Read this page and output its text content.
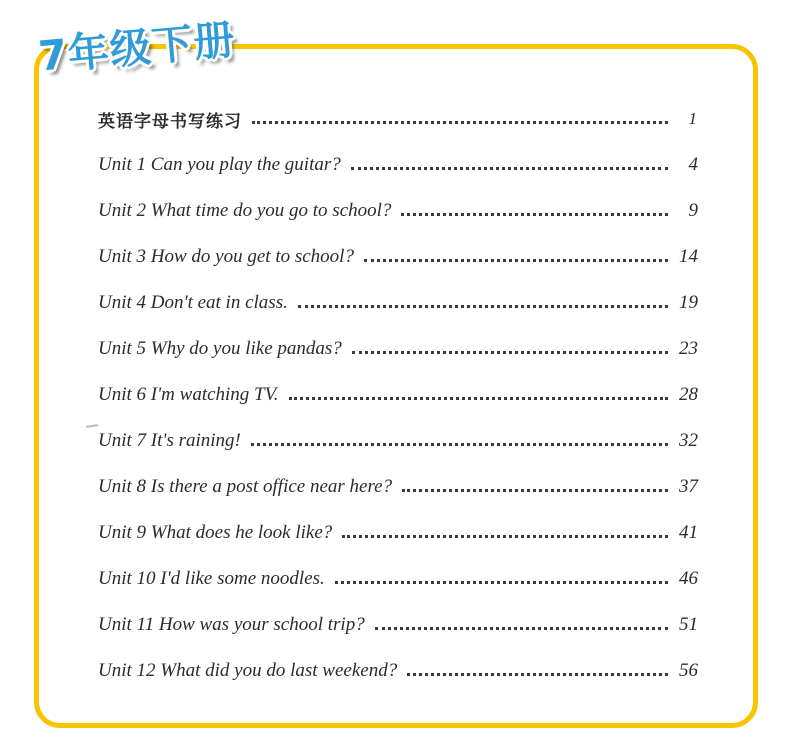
7年级下册
英语字母书写练习	1
Unit 1 Can you play the guitar?	4
Unit 2 What time do you go to school?	9
Unit 3 How do you get to school?	14
Unit 4 Don't eat in class.	19
Unit 5 Why do you like pandas?	23
Unit 6 I'm watching TV.	28
Unit 7 It's raining!	32
Unit 8 Is there a post office near here?	37
Unit 9 What does he look like?	41
Unit 10 I'd like some noodles.	46
Unit 11 How was your school trip?	51
Unit 12 What did you do last weekend?	56
